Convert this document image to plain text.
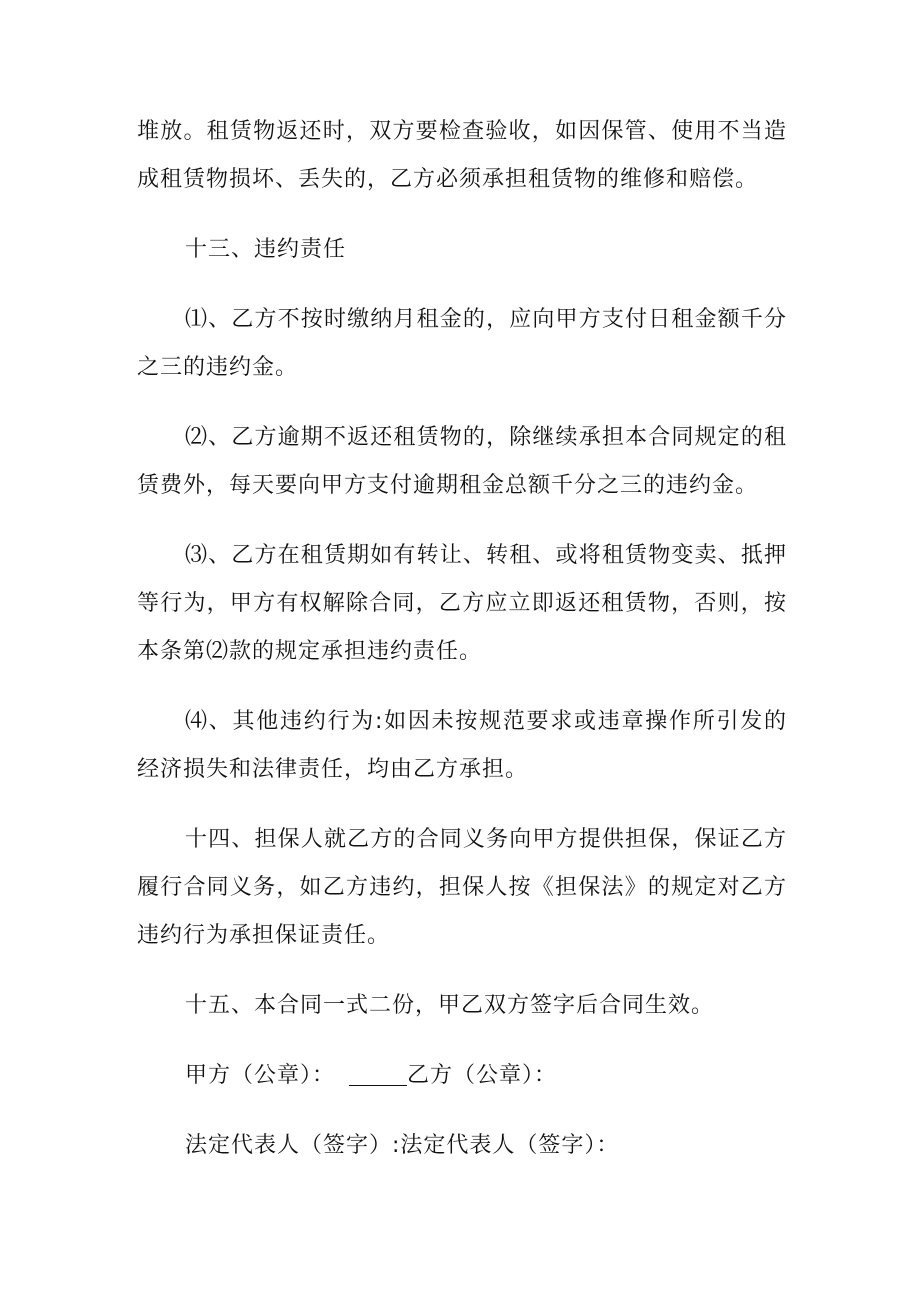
堆放。租赁物返还时，双方要检查验收，如因保管、使用不当造成租赁物损坏、丢失的，乙方必须承担租赁物的维修和赔偿。

十三、违约责任

⑴、乙方不按时缴纳月租金的，应向甲方支付日租金额千分之三的违约金。

⑵、乙方逾期不返还租赁物的，除继续承担本合同规定的租赁费外，每天要向甲方支付逾期租金总额千分之三的违约金。

⑶、乙方在租赁期如有转让、转租、或将租赁物变卖、抵押等行为，甲方有权解除合同，乙方应立即返还租赁物，否则，按本条第⑵款的规定承担违约责任。

⑷、其他违约行为:如因未按规范要求或违章操作所引发的经济损失和法律责任，均由乙方承担。

十四、担保人就乙方的合同义务向甲方提供担保，保证乙方履行合同义务，如乙方违约，担保人按《担保法》的规定对乙方违约行为承担保证责任。

十五、本合同一式二份，甲乙双方签字后合同生效。

甲方（公章）：	乙方（公章）：

法定代表人（签字）:法定代表人（签字）：
